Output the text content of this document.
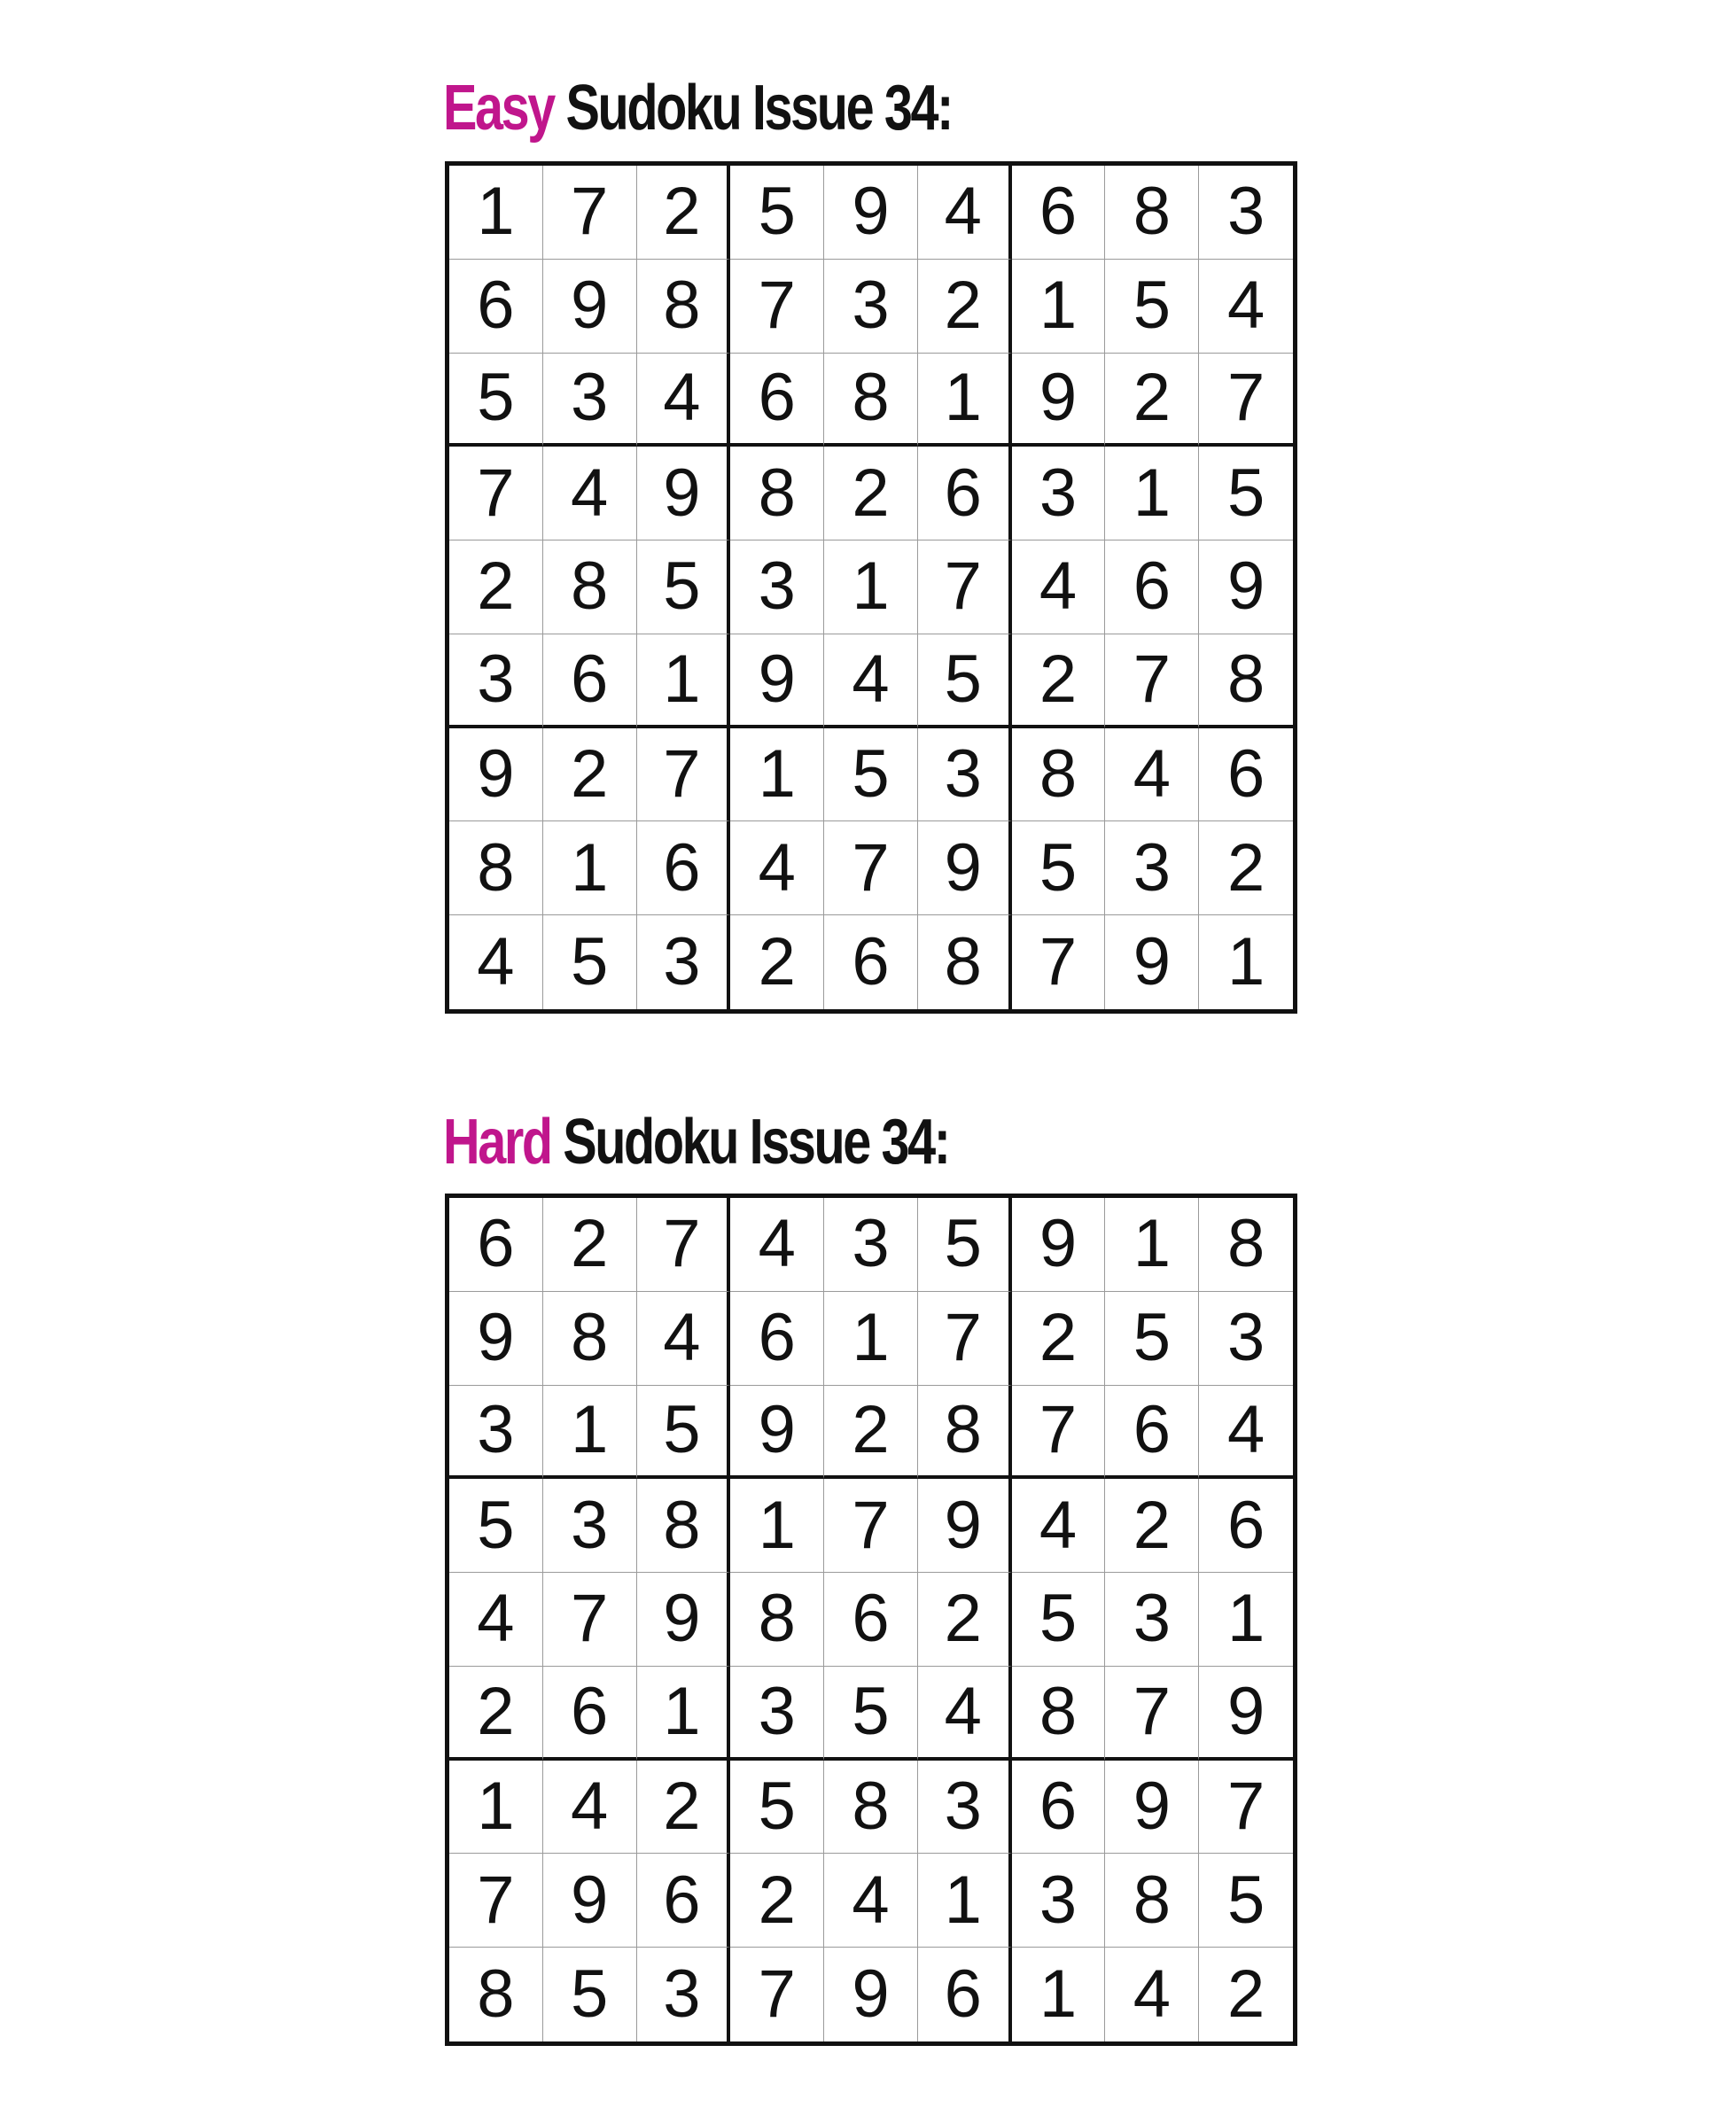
Easy Sudoku Issue 34:
1 7 2 5 9 4 6 8 3
6 9 8 7 3 2 1 5 4
5 3 4 6 8 1 9 2 7
7 4 9 8 2 6 3 1 5
2 8 5 3 1 7 4 6 9
3 6 1 9 4 5 2 7 8
9 2 7 1 5 3 8 4 6
8 1 6 4 7 9 5 3 2
4 5 3 2 6 8 7 9 1
Hard Sudoku Issue 34:
6 2 7 4 3 5 9 1 8
9 8 4 6 1 7 2 5 3
3 1 5 9 2 8 7 6 4
5 3 8 1 7 9 4 2 6
4 7 9 8 6 2 5 3 1
2 6 1 3 5 4 8 7 9
1 4 2 5 8 3 6 9 7
7 9 6 2 4 1 3 8 5
8 5 3 7 9 6 1 4 2
